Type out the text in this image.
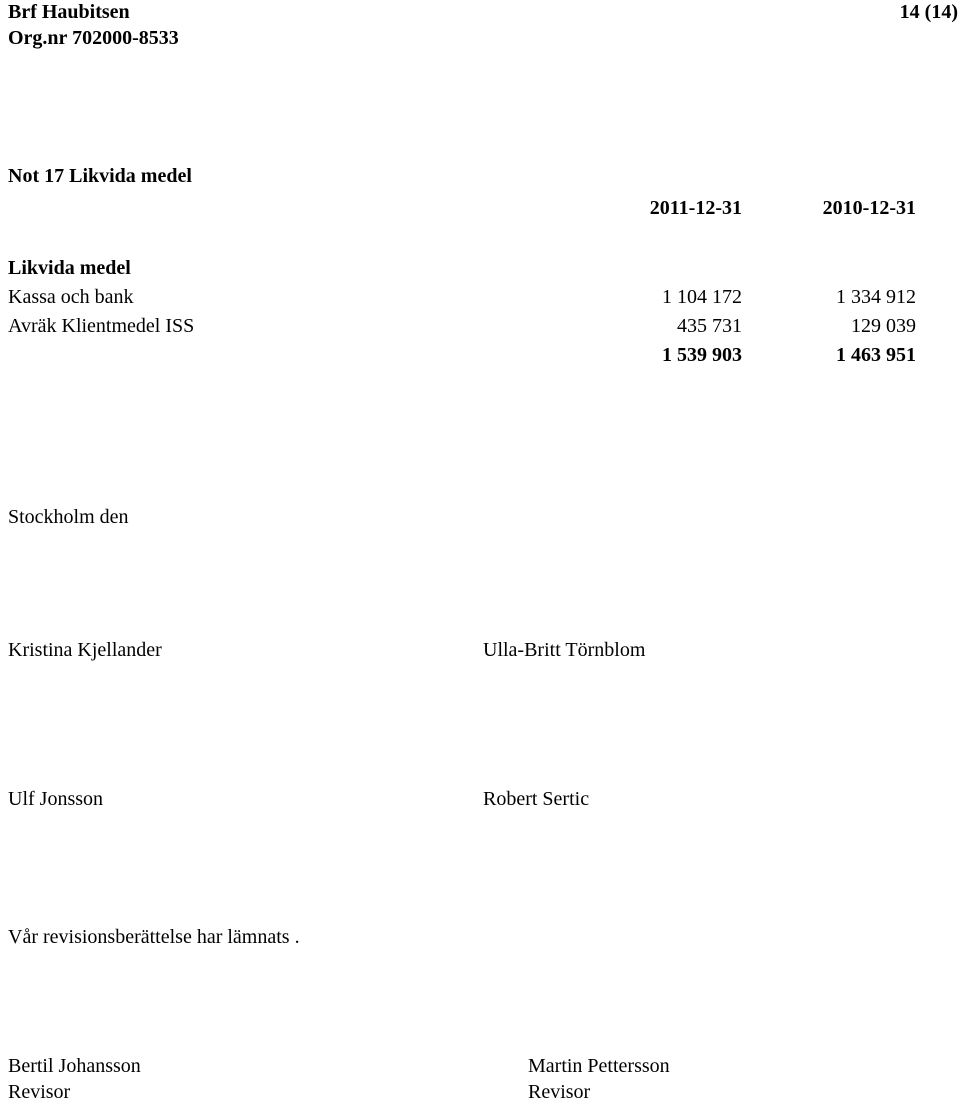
Brf Haubitsen
Org.nr 702000-8533
14 (14)
Not 17 Likvida medel
2011-12-31	2010-12-31
Likvida medel
Kassa och bank	1 104 172	1 334 912
Avräk Klientmedel ISS	435 731	129 039
1 539 903	1 463 951
Stockholm den
Kristina Kjellander	Ulla-Britt Törnblom
Ulf Jonsson	Robert Sertic
Vår revisionsberättelse har lämnats .
Bertil Johansson
Revisor
Martin Pettersson
Revisor
